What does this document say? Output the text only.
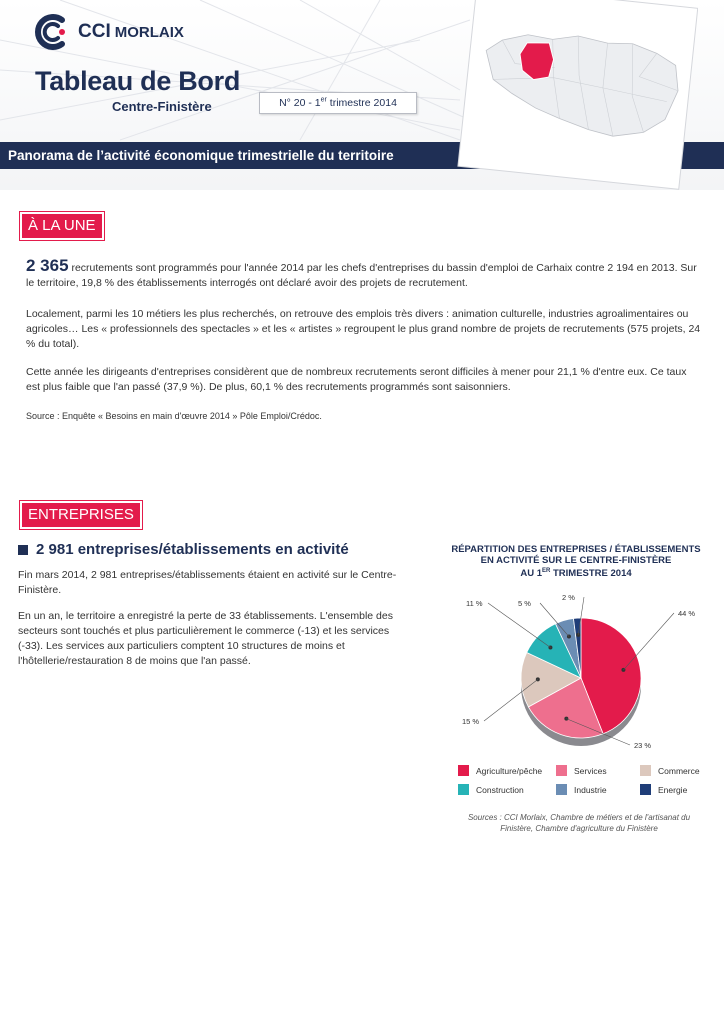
CCI MORLAIX
Tableau de Bord
Centre-Finistère	N° 20 - 1er trimestre 2014
Panorama de l’activité économique trimestrielle du territoire
À LA UNE
2 365 recrutements sont programmés pour l'année 2014 par les chefs d'entreprises du bassin d'emploi de Carhaix contre 2 194 en 2013. Sur le territoire, 19,8 % des établissements interrogés ont déclaré avoir des projets de recrutement.
Localement, parmi les 10 métiers les plus recherchés, on retrouve des emplois très divers : animation culturelle, industries agroalimentaires ou agricoles… Les « professionnels des spectacles » et les « artistes » regroupent le plus grand nombre de projets de recrutements (575 projets, 24 % du total).
Cette année les dirigeants d'entreprises considèrent que de nombreux recrutements seront difficiles à mener pour 21,1 % d'entre eux. Ce taux est plus faible que l'an passé (37,9 %). De plus, 60,1 % des recrutements programmés sont saisonniers.
Source : Enquête « Besoins en main d'œuvre 2014 » Pôle Emploi/Crédoc.
ENTREPRISES
2 981 entreprises/établissements en activité
Fin mars 2014, 2 981 entreprises/établissements étaient en activité sur le Centre-Finistère.
En un an, le territoire a enregistré la perte de 33 établissements. L'ensemble des secteurs sont touchés et plus particulièrement le commerce (-13) et les services (-33). Les services aux particuliers comptent 10 structures de moins et l'hôtellerie/restauration 8 de moins que l'an passé.
RÉPARTITION DES ENTREPRISES / ÉTABLISSEMENTS
EN ACTIVITÉ SUR LE CENTRE-FINISTÈRE
AU 1ER TRIMESTRE 2014
44 %
23 %
15 %
11 %	5 %
2 %
Agriculture/pêche	Services	Commerce
Construction	Industrie	Energie
Sources : CCI Morlaix, Chambre de métiers et de l'artisanat du
Finistère, Chambre d'agriculture du Finistère
